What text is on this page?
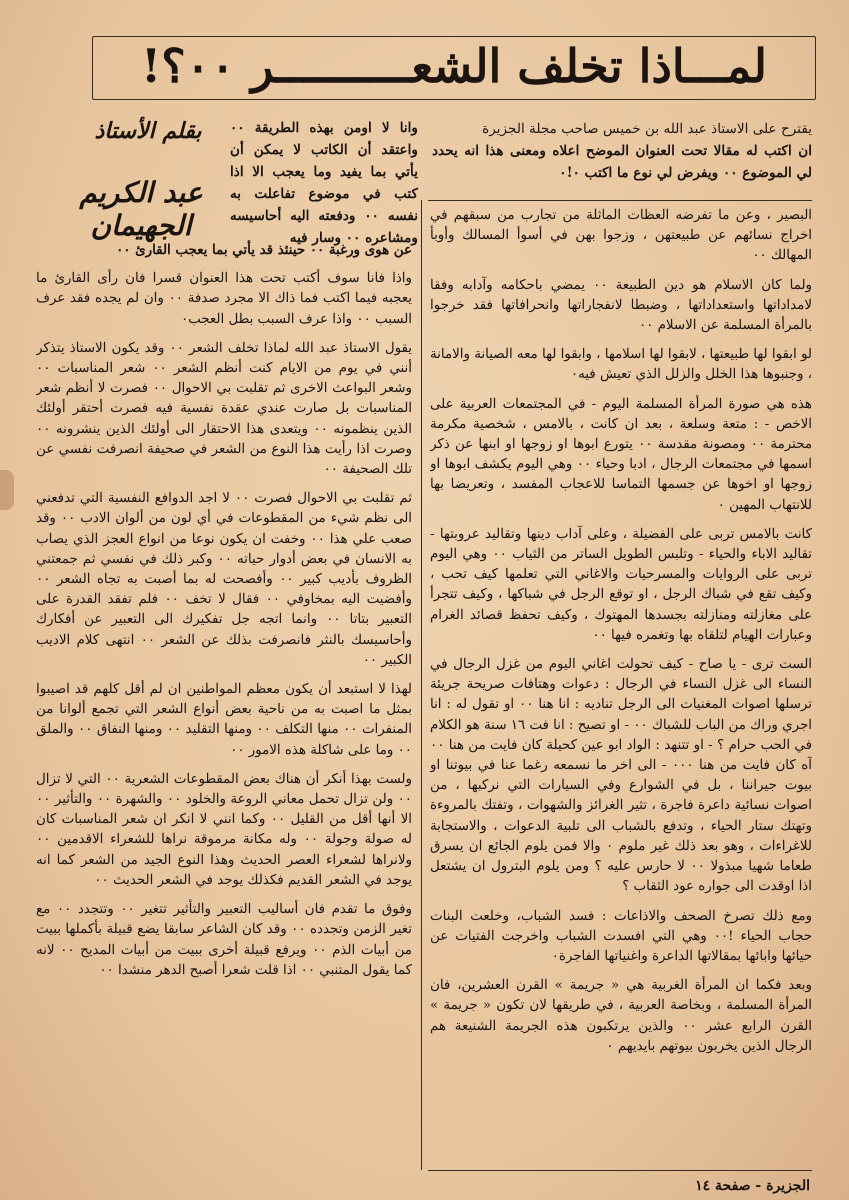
لمـــاذا تخلف الشعــــــــــر ٠٠؟!
يقترح على الاستاذ عبد الله بن خميس صاحب مجلة الجزيرة
ان اكتب له مقالا تحت العنوان الموضح اعلاه ومعنى هذا انه يحدد لي الموضوع ٠٠ ويفرض لي نوع ما اكتب ٠!٠
وانا لا اومن بهذه الطريقة ٠٠ واعتقد أن الكاتب لا يمكن أن يأتي بما يفيد وما يعجب الا اذا كتب في موضوع تفاعلت به نفسه ٠٠ ودفعته اليه أحاسيسه ومشاعره ٠٠ وسار فيه
بقلم الأستاذ
عبد الكريم الجهيمان

عن هوى ورغبة ٠٠ حينئذ قد يأتي بما يعجب القارئ ٠٠

واذا فانا سوف أكتب تحت هذا العنوان قسرا فان رأى القارئ ما يعجبه فيما اكتب فما ذاك الا مجرد صدفة ٠٠ وان لم يجده فقد عرف السبب ٠٠ واذا عرف السبب بطل العجب٠

يقول الاستاذ عبد الله لماذا تخلف الشعر ٠٠ وقد يكون الاستاذ يتذكر أنني في يوم من الايام كنت أنظم الشعر ٠٠ شعر المناسبات ٠٠ وشعر البواعث الاخرى ثم تقلبت بي الاحوال ٠٠ فصرت لا أنظم شعر المناسبات بل صارت عندي عقدة نفسية فيه فصرت أحتقر أولئك الذين ينظمونه ٠٠ ويتعدى هذا الاحتقار الى أولئك الذين ينشرونه ٠٠ وصرت اذا رأيت هذا النوع من الشعر في صحيفة انصرفت نفسي عن تلك الصحيفة ٠٠

ثم تقلبت بي الاحوال فصرت ٠٠ لا اجد الدوافع النفسية التي تدفعني الى نظم شيء من المقطوعات في أي لون من ألوان الادب ٠٠ وقد صعب علي هذا ٠٠ وخفت ان يكون نوعا من انواع العجز الذي يصاب به الانسان في بعض أدوار حياته ٠٠ وكبر ذلك في نفسي ثم جمعتني الظروف بأديب كبير ٠٠ وأفصحت له بما أصبت به تجاه الشعر ٠٠ وأفضيت اليه بمخاوفي ٠٠ فقال لا تخف ٠٠ فلم تفقد القدرة على التعبير بتاتا ٠٠ وانما اتجه جل تفكيرك الى التعبير عن أفكارك وأحاسيسك بالنثر فانصرفت بذلك عن الشعر ٠٠ انتهى كلام الاديب الكبير ٠٠

لهذا لا استبعد أن يكون معظم المواطنين ان لم أقل كلهم قد اصيبوا بمثل ما اصبت به من ناحية بعض أنواع الشعر التي تجمع ألوانا من المنفرات ٠٠ منها التكلف ٠٠ ومنها التقليد ٠٠ ومنها النفاق ٠٠ والملق ٠٠ وما على شاكلة هذه الامور ٠٠

ولست بهذا أنكر أن هناك بعض المقطوعات الشعرية ٠٠ التي لا تزال ٠٠ ولن تزال تحمل معاني الروعة والخلود ٠٠ والشهرة ٠٠ والتأثير ٠٠ الا أنها أقل من القليل ٠٠ وكما انني لا انكر ان شعر المناسبات كان له صولة وجولة ٠٠ وله مكانة مرموقة نراها للشعراء الاقدمين ٠٠ ولانراها لشعراء العصر الحديث وهذا النوع الجيد من الشعر كما انه يوجد في الشعر القديم فكذلك يوجد في الشعر الحديث ٠٠

وفوق ما تقدم فان أساليب التعبير والتأثير تتغير ٠٠ وتتجدد ٠٠ مع تغير الزمن وتجدده ٠٠ وقد كان الشاعر سابقا يضع قبيلة بأكملها ببيت من أبيات الذم ٠٠ ويرفع قبيلة أخرى ببيت من أبيات المديح ٠٠ لانه كما يقول المتنبي ٠٠ اذا قلت شعرا أصبح الدهر منشدا ٠٠

البصير ، وعن ما تفرضه العظات الماثلة من تجارب من سبقهم في اخراج نسائهم عن طبيعتهن ، وزجوا بهن في أسوأ المسالك وأوبأ المهالك ٠٠

ولما كان الاسلام هو دين الطبيعة ٠٠ يمضي باحكامه وآدابه وفقا لامداداتها واستعداداتها ، وضبطا لانفجاراتها وانحرافاتها فقد خرجوا بالمرأة المسلمة عن الاسلام ٠٠

لو ابقوا لها طبيعتها ، لابقوا لها اسلامها ، وابقوا لها معه الصيانة والامانة ، وجنبوها هذا الخلل والزلل الذي تعيش فيه٠

هذه هي صورة المرأة المسلمة اليوم - في المجتمعات العربية على الاخص - : متعة وسلعة ، بعد ان كانت ، بالامس ، شخصية مكرمة محترمة ٠٠ ومصونة مقدسة ٠٠ يتورع ابوها او زوجها او ابنها عن ذكر اسمها في مجتمعات الرجال ، ادبا وحياء ٠٠ وهي اليوم يكشف ابوها او زوجها او اخوها عن جسمها التماسا للاعجاب المفسد ، وتعريضا بها للانتهاب المهين ٠

كانت بالامس تربى على الفضيلة ، وعلى آداب دينها وتقاليد عروبتها - تقاليد الاباء والحياء - وتلبس الطويل الساتر من الثياب ٠٠ وهي اليوم تربى على الروايات والمسرحيات والاغاني التي تعلمها كيف تحب ، وكيف تقع في شباك الرجل ، او توقع الرجل في شباكها ، وكيف تتجرأ على مغازلته ومنازلته بجسدها المهتوك ، وكيف تحفظ قصائد الغرام وعبارات الهيام لتلقاه بها وتغمره فيها ٠٠

الست ترى - يا صاح - كيف تحولت اغاني اليوم من غزل الرجال في النساء الى غزل النساء في الرجال : دعوات وهتافات صريحة جريئة ترسلها اصوات المغنيات الى الرجل تناديه : انا هنا ٠٠ او تقول له : انا اجري وراك من الباب للشباك ٠٠ - او تصيح : انا فت ١٦ سنة هو الكلام في الحب حرام ؟ - او تتنهد : الواد ابو عين كحيلة كان فايت من هنا ٠٠ آه كان فايت من هنا ٠٠٠ - الى اخر ما نسمعه رغما عنا في بيوتنا او بيوت جيراننا ، بل في الشوارع وفي السيارات التي نركبها ، من اصوات نسائية داعرة فاجرة ، تثير الغرائز والشهوات ، وتفتك بالمروءة وتهتك ستار الحياء ، وتدفع بالشباب الى تلبية الدعوات ، والاستجابة للاغراءات ، وهو بعد ذلك غير ملوم ٠ والا فمن يلوم الجائع ان يسرق طعاما شهيا مبذولا ٠٠ لا حارس عليه ؟ ومن يلوم البترول ان يشتعل اذا اوقدت الى جواره عود الثقاب ؟

ومع ذلك تصرخ الصحف والاذاعات : فسد الشباب، وخلعت البنات حجاب الحياء !٠٠ وهي التي افسدت الشباب واخرجت الفتيات عن حيائها وابائها بمقالاتها الداعرة واغنياتها الفاجرة٠

وبعد فكما ان المرأة الغربية هي « جريمة » القرن العشرين، فان المرأة المسلمة ، وبخاصة العربية ، في طريقها لان تكون « جريمة » القرن الرابع عشر ٠٠ والذين يرتكبون هذه الجريمة الشنيعة هم الرجال الذين يخربون بيوتهم بايديهم ٠

الجزيرة - صفحة ١٤
